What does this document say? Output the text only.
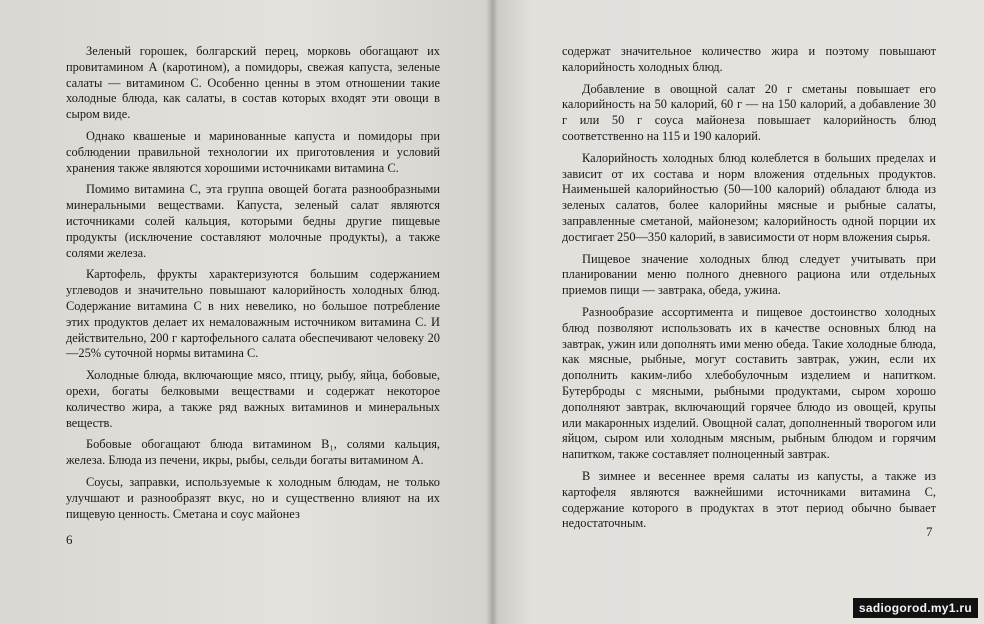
Зеленый горошек, болгарский перец, морковь обогащают их провитамином А (каротином), а помидоры, свежая капуста, зеленые салаты — витамином С. Особенно ценны в этом отношении такие холодные блюда, как салаты, в состав которых входят эти овощи в сыром виде.

Однако квашеные и маринованные капуста и помидоры при соблюдении правильной технологии их приготовления и условий хранения также являются хорошими источниками витамина С.

Помимо витамина С, эта группа овощей богата разнообразными минеральными веществами. Капуста, зеленый салат являются источниками солей кальция, которыми бедны другие пищевые продукты (исключение составляют молочные продукты), а также солями железа.

Картофель, фрукты характеризуются большим содержанием углеводов и значительно повышают калорийность холодных блюд. Содержание витамина С в них невелико, но большое потребление этих продуктов делает их немаловажным источником витамина С. И действительно, 200 г картофельного салата обеспечивают человеку 20—25% суточной нормы витамина С.

Холодные блюда, включающие мясо, птицу, рыбу, яйца, бобовые, орехи, богаты белковыми веществами и содержат некоторое количество жира, а также ряд важных витаминов и минеральных веществ.

Бобовые обогащают блюда витамином В₁, солями кальция, железа. Блюда из печени, икры, рыбы, сельди богаты витамином А.

Соусы, заправки, используемые к холодным блюдам, не только улучшают и разнообразят вкус, но и существенно влияют на их пищевую ценность. Сметана и соус майонез

6

содержат значительное количество жира и поэтому повышают калорийность холодных блюд.

Добавление в овощной салат 20 г сметаны повышает его калорийность на 50 калорий, 60 г — на 150 калорий, а добавление 30 г или 50 г соуса майонеза повышает калорийность блюд соответственно на 115 и 190 калорий.

Калорийность холодных блюд колеблется в больших пределах и зависит от их состава и норм вложения отдельных продуктов. Наименьшей калорийностью (50—100 калорий) обладают блюда из зеленых салатов, более калорийны мясные и рыбные салаты, заправленные сметаной, майонезом; калорийность одной порции их достигает 250—350 калорий, в зависимости от норм вложения сырья.

Пищевое значение холодных блюд следует учитывать при планировании меню полного дневного рациона или отдельных приемов пищи — завтрака, обеда, ужина.

Разнообразие ассортимента и пищевое достоинство холодных блюд позволяют использовать их в качестве основных блюд на завтрак, ужин или дополнять ими меню обеда. Такие холодные блюда, как мясные, рыбные, могут составить завтрак, ужин, если их дополнить каким-либо хлебобулочным изделием и напитком. Бутерброды с мясными, рыбными продуктами, сыром хорошо дополняют завтрак, включающий горячее блюдо из овощей, крупы или макаронных изделий. Овощной салат, дополненный творогом или яйцом, сыром или холодным мясным, рыбным блюдом и горячим напитком, также составляет полноценный завтрак.

В зимнее и весеннее время салаты из капусты, а также из картофеля являются важнейшими источниками витамина С, содержание которого в продуктах в этот период обычно бывает недостаточным.

7
sadiogorod.my1.ru
